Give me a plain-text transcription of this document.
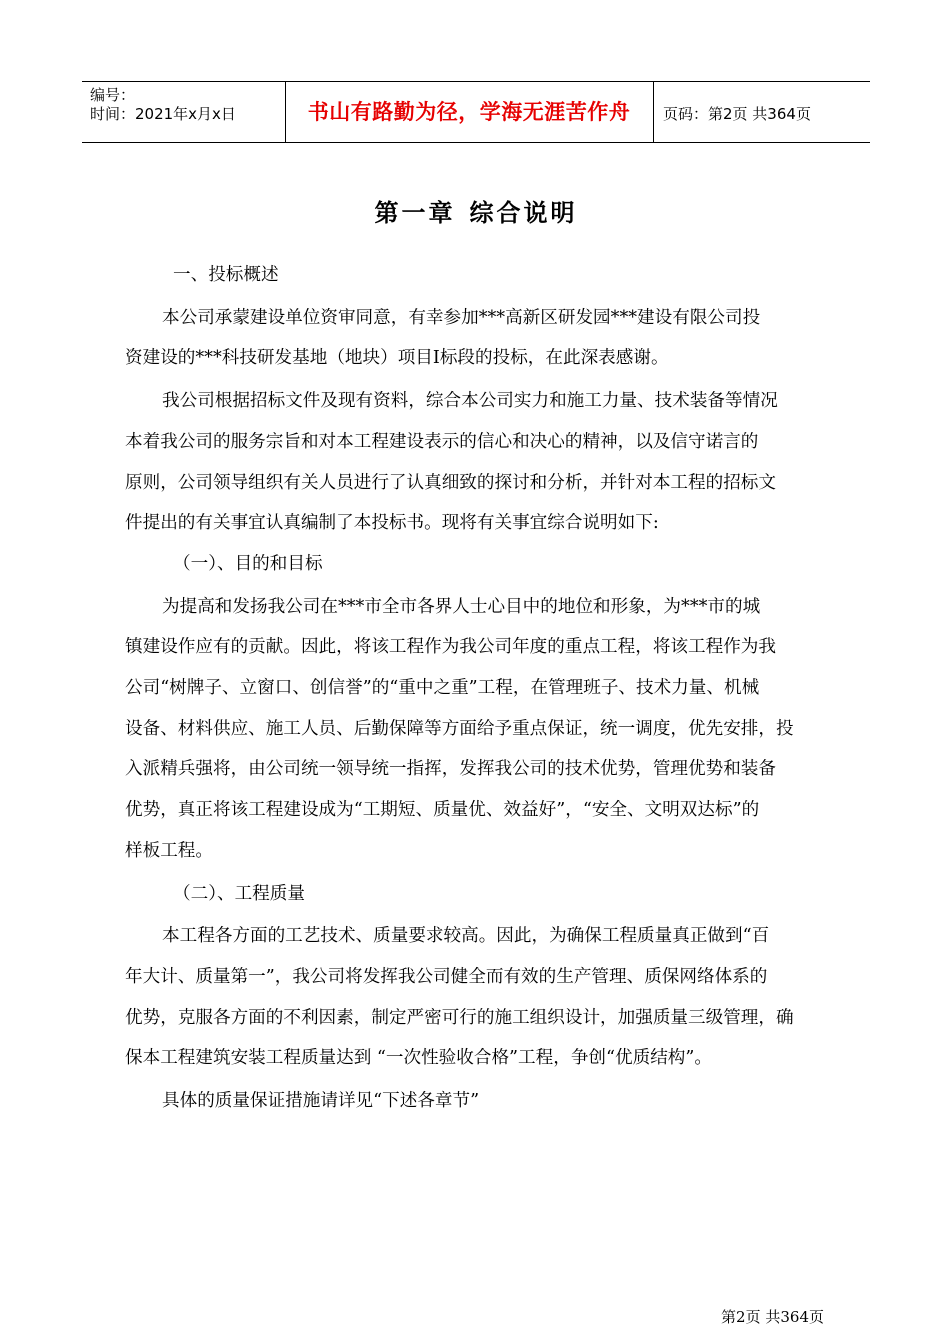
编号：
时间：2021年x月x日	书山有路勤为径，学海无涯苦作舟	页码：第2页 共364页
第一章 综合说明

一、投标概述

本公司承蒙建设单位资审同意，有幸参加***高新区研发园***建设有限公司投

资建设的***科技研发基地（地块）项目Ⅰ标段的投标，在此深表感谢。

我公司根据招标文件及现有资料，综合本公司实力和施工力量、技术装备等情况

本着我公司的服务宗旨和对本工程建设表示的信心和决心的精神，以及信守诺言的

原则，公司领导组织有关人员进行了认真细致的探讨和分析，并针对本工程的招标文

件提出的有关事宜认真编制了本投标书。现将有关事宜综合说明如下:

（一）、目的和目标

为提高和发扬我公司在***市全市各界人士心目中的地位和形象，为***市的城

镇建设作应有的贡献。因此，将该工程作为我公司年度的重点工程，将该工程作为我

公司“树牌子、立窗口、创信誉”的“重中之重”工程，在管理班子、技术力量、机械

设备、材料供应、施工人员、后勤保障等方面给予重点保证，统一调度，优先安排，投

入派精兵强将，由公司统一领导统一指挥，发挥我公司的技术优势，管理优势和装备

优势，真正将该工程建设成为“工期短、质量优、效益好”，“安全、文明双达标”的

样板工程。

（二）、工程质量

本工程各方面的工艺技术、质量要求较高。因此，为确保工程质量真正做到“百

年大计、质量第一”，我公司将发挥我公司健全而有效的生产管理、质保网络体系的

优势，克服各方面的不利因素，制定严密可行的施工组织设计，加强质量三级管理，确

保本工程建筑安装工程质量达到 “一次性验收合格”工程，争创“优质结构”。

具体的质量保证措施请详见“下述各章节”

第2页 共364页
